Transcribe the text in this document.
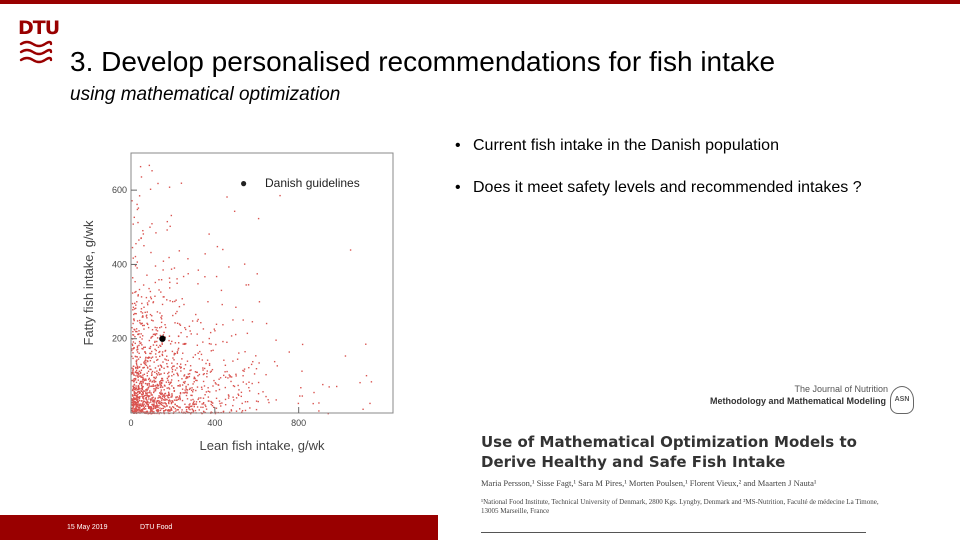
DTU
3. Develop personalised recommendations for fish intake
using mathematical optimization
• Current fish intake in the Danish population
• Does it meet safety levels and recommended intakes ?
0	400	800
200
400
600
Lean fish intake, g/wk
Fatty fish intake, g/wk
● Danish guidelines
The Journal of Nutrition
Methodology and Mathematical Modeling	ASN
Use of Mathematical Optimization Models to Derive Healthy and Safe Fish Intake
Maria Persson,¹ Sisse Fagt,¹ Sara M Pires,¹ Morten Poulsen,¹ Florent Vieux,² and Maarten J Nauta¹
¹National Food Institute, Technical University of Denmark, 2800 Kgs. Lyngby, Denmark and ²MS-Nutrition, Faculté de médecine La Timone, 13005 Marseille, France
15 May 2019	DTU Food
